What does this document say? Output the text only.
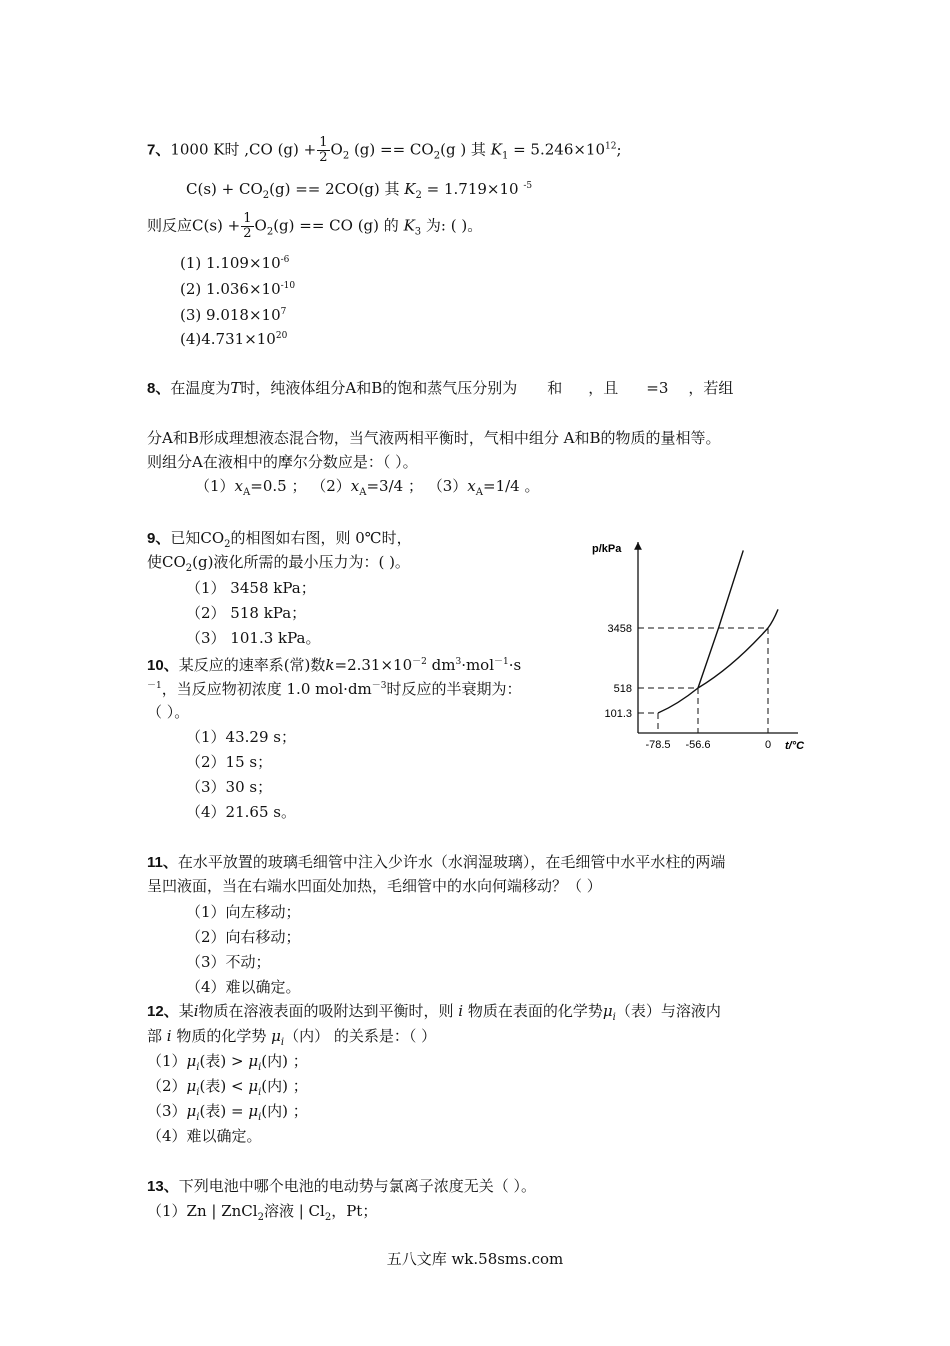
7、1000 K时 ,CO $(g) + \frac{1}{2} O_2$ $(g) == CO_2(g$ ) 其 $K_1 = 5.246\times 10^{12}$;
$C(s) + CO_2(g) == 2CO(g)$ 其 $K_2 = 1.719\times 10$ $^{-5}$
则反应$C(s) + \frac{1}{2} O_2(g)$ == CO (g) 的 $K_3$ 为: ( )。
(1) $1.109\times 10^{-6}$
(2) $1.036\times 10^{-10}$
(3) $9.018\times 10^7$
$(4)4.731\times 10^{20}$
8、在温度为T时，纯液体组分A和B的饱和蒸气压分别为 和 ，且 =3 ，若组
分A和B形成理想液态混合物，当气液两相平衡时，气相中组分 A和B的物质的量相等。
则组分A在液相中的摩尔分数应是：（ ）。
$(1)x_A=0.5$ ； $(2)x_A=3/4$ ； $(3)x_A=1/4$ 。
9、已知$CO_2$的相图如右图，则 0℃时，
使$CO_2(g)$液化所需的最小压力为：( )。
（1） 3458 kPa；
（2） 518 kPa；
（3） 101.3 kPa。
10、某反应的速率系(常)数$k=2.31\times 10^{-2}$ $dm^3\cdot mol^{-1}\cdot s$
$^{-1}$，当反应物初浓度 1.0 $mol\cdot dm^{-3}$时反应的半衰期为：
（ ）。
（1）43.29 s；
（2）15 s；
（3）30 s；
（4）21.65 s。
p/kPa
t/°C
101.3
518
3458
-78.5 -56.6	0
11、在水平放置的玻璃毛细管中注入少许水（水润湿玻璃），在毛细管中水平水柱的两端
呈凹液面，当在右端水凹面处加热，毛细管中的水向何端移动？（ ）
（1）向左移动；
（2）向右移动；
（3）不动；
（4）难以确定。
12、某i物质在溶液表面的吸附达到平衡时，则 i 物质在表面的化学势$\mu_i$（表）与溶液内
部 i 物质的化学势 $\mu_i$（内） 的关系是：（ ）
$(1)\mu_i$(表) > $\mu_i$(内) ；
$(2)\mu_i$(表) < $\mu_i$(内) ；
$(3)\mu_i$(表) = $\mu_i$(内) ；
（4）难以确定。
13、下列电池中哪个电池的电动势与氯离子浓度无关（ ）。
（1）Zn | ZnCl$_2$溶液 | $Cl_2$，Pt；
五八文库 wk.58sms.com
